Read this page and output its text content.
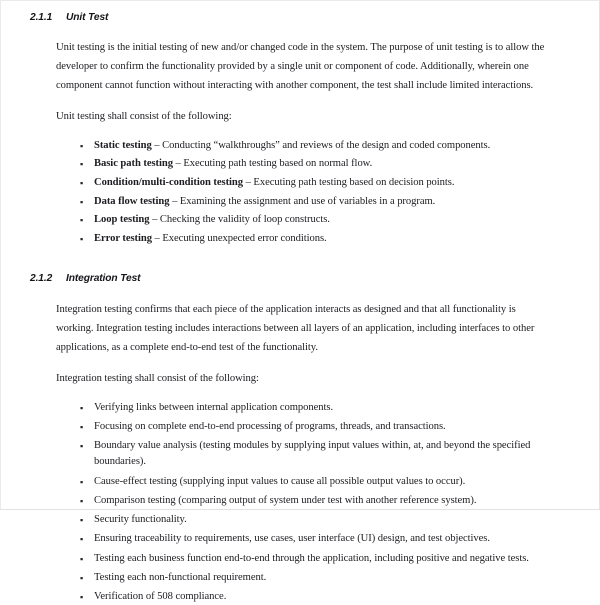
2.1.1	Unit Test

Unit testing is the initial testing of new and/or changed code in the system. The purpose of unit testing is to allow the developer to confirm the functionality provided by a single unit or component of code. Additionally, wherein one component cannot function without interacting with another component, the test shall include limited interactions.

Unit testing shall consist of the following:

▪ Static testing – Conducting “walkthroughs” and reviews of the design and coded components.
▪ Basic path testing – Executing path testing based on normal flow.
▪ Condition/multi-condition testing – Executing path testing based on decision points.
▪ Data flow testing – Examining the assignment and use of variables in a program.
▪ Loop testing – Checking the validity of loop constructs.
▪ Error testing – Executing unexpected error conditions.
2.1.2	Integration Test

Integration testing confirms that each piece of the application interacts as designed and that all functionality is working. Integration testing includes interactions between all layers of an application, including interfaces to other applications, as a complete end-to-end test of the functionality.

Integration testing shall consist of the following:

▪ Verifying links between internal application components.
▪ Focusing on complete end-to-end processing of programs, threads, and transactions.
▪ Boundary value analysis (testing modules by supplying input values within, at, and beyond the specified boundaries).
▪ Cause-effect testing (supplying input values to cause all possible output values to occur).
▪ Comparison testing (comparing output of system under test with another reference system).
▪ Security functionality.
▪ Ensuring traceability to requirements, use cases, user interface (UI) design, and test objectives.
▪ Testing each business function end-to-end through the application, including positive and negative tests.
▪ Testing each non-functional requirement.
▪ Verification of 508 compliance.
